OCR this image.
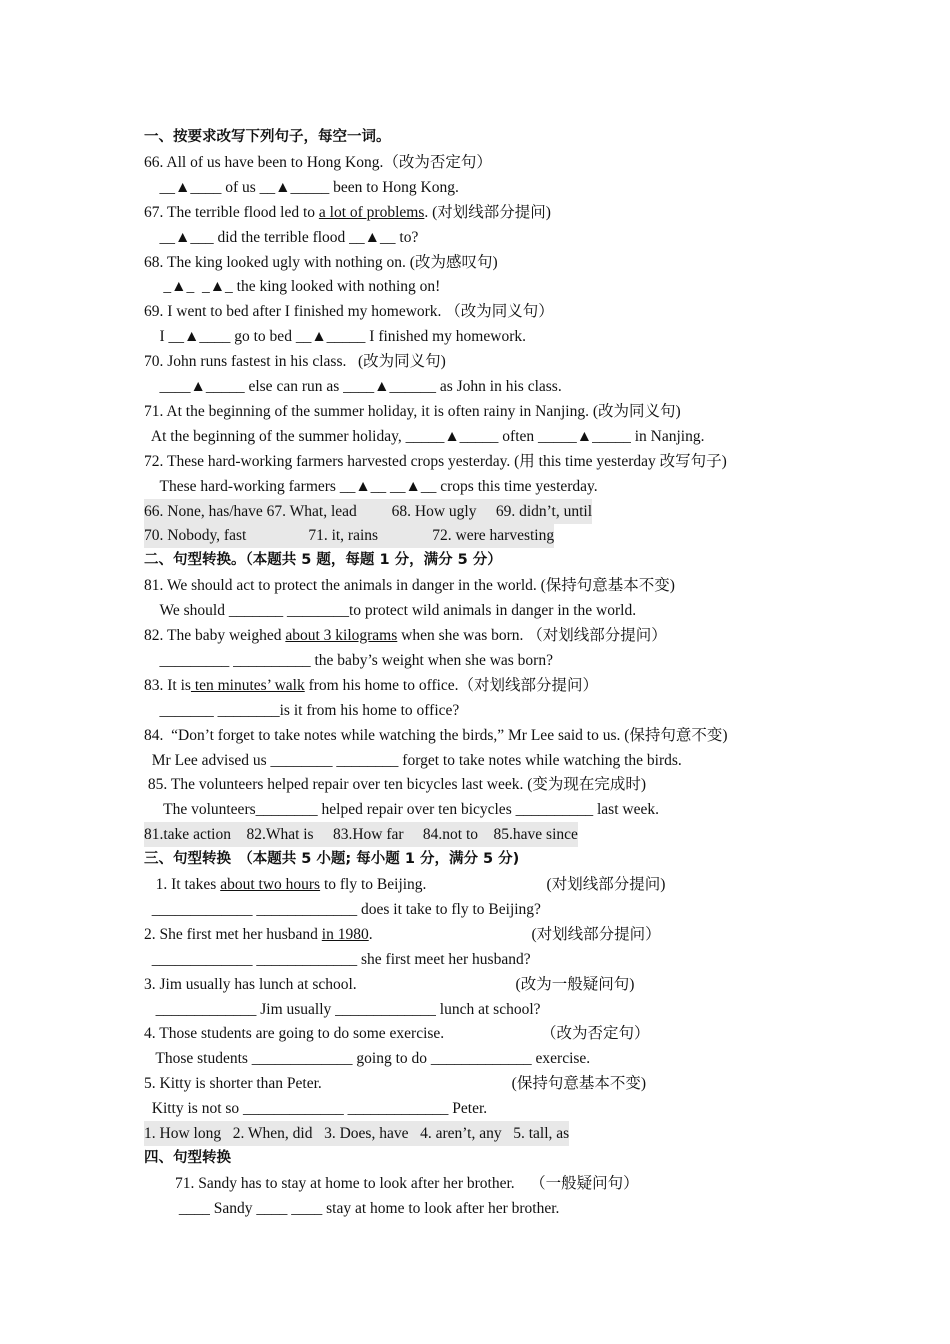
一、按要求改写下列句子，每空一词。
66. All of us have been to Hong Kong.（改为否定句）
　__▲____ of us __▲_____ been to Hong Kong.
67. The terrible flood led to a lot of problems. (对划线部分提问)
　__▲___ did the terrible flood __▲__ to?
68. The king looked ugly with nothing on. (改为感叹句)
　 _▲_  _▲_ the king looked with nothing on!
69. I went to bed after I finished my homework. （改为同义句）
　I __▲____ go to bed __▲_____ I finished my homework.
70. John runs fastest in his class.   (改为同义句)
　____▲_____ else can run as ____▲______ as John in his class.
71. At the beginning of the summer holiday, it is often rainy in Nanjing. (改为同义句)
At the beginning of the summer holiday, _____▲_____ often _____▲_____ in Nanjing.
72. These hard-working farmers harvested crops yesterday. (用 this time yesterday 改写句子)
　These hard-working farmers __▲__ __▲__ crops this time yesterday.
66. None, has/have 67. What, lead         68. How ugly     69. didn’t, until
70. Nobody, fast                71. it, rains              72. were harvesting
二、句型转换。（本题共 5 题，每题 1 分，满分 5 分）
81. We should act to protect the animals in danger in the world. (保持句意基本不变)
　We should _______ ________to protect wild animals in danger in the world.
82. The baby weighed about 3 kilograms when she was born. （对划线部分提问）
　_________ __________ the baby’s weight when she was born?
83. It is ten minutes’ walk from his home to office.（对划线部分提问）
　_______ ________is it from his home to office?
84.  “Don’t forget to take notes while watching the birds,” Mr Lee said to us. (保持句意不变)
Mr Lee advised us ________ ________ forget to take notes while watching the birds.
85. The volunteers helped repair over ten bicycles last week. (变为现在完成时)
　 The volunteers________ helped repair over ten bicycles __________ last week.
81.take action    82.What is     83.How far     84.not to    85.have since
三、句型转换　（本题共 5 小题; 每小题 1 分，满分 5 分)
1. It takes about two hours to fly to Beijing.                               (对划线部分提问)
_____________ _____________ does it take to fly to Beijing?
2. She first met her husband in 1980.                                         (对划线部分提问）
_____________ _____________ she first meet her husband?
3. Jim usually has lunch at school.                                         (改为一般疑问句)
_____________ Jim usually _____________ lunch at school?
4. Those students are going to do some exercise.                         （改为否定句）
Those students _____________ going to do _____________ exercise.
5. Kitty is shorter than Peter.                                                 (保持句意基本不变)
Kitty is not so _____________ _____________ Peter.
1. How long   2. When, did   3. Does, have   4. aren’t, any   5. tall, as
四、句型转换
　　71. Sandy has to stay at home to look after her brother.    （一般疑问句）
　　 ____ Sandy ____ ____ stay at home to look after her brother.
